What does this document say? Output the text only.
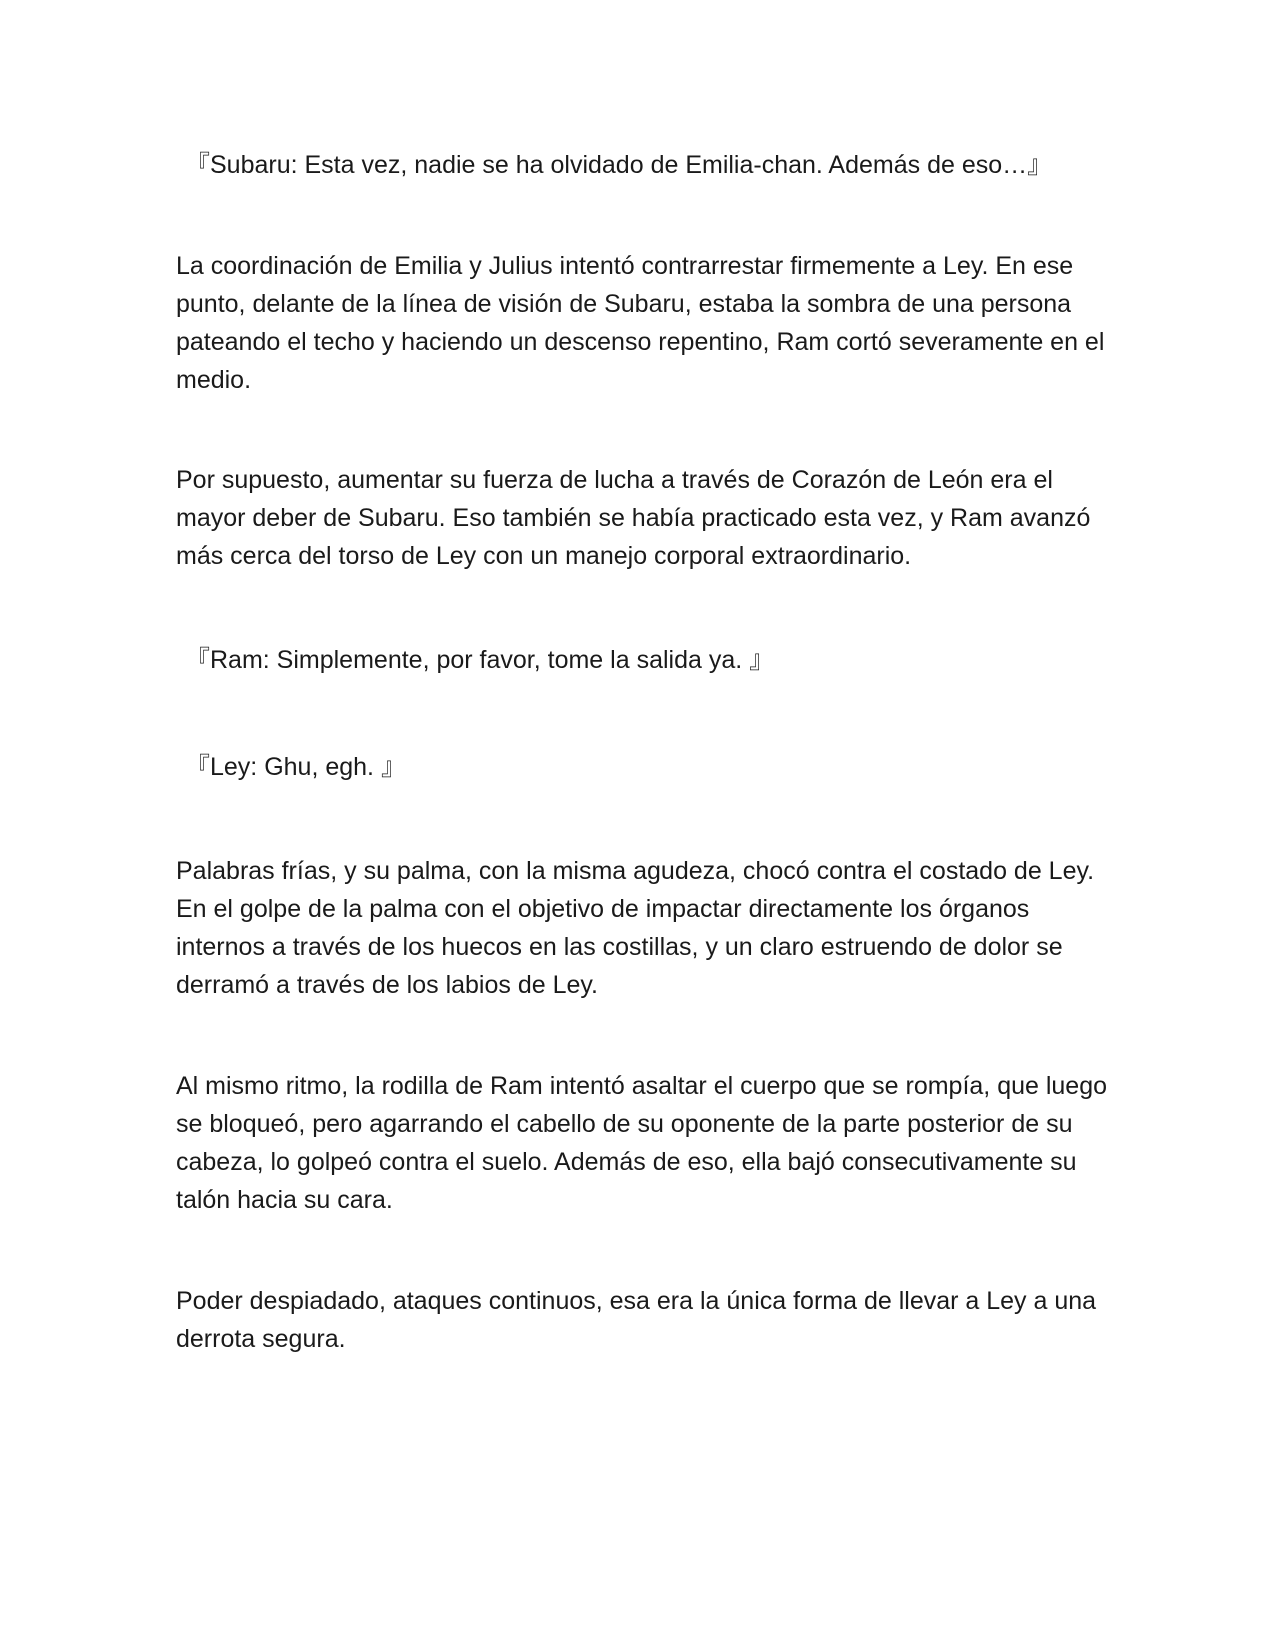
『Subaru: Esta vez, nadie se ha olvidado de Emilia-chan. Además de eso…』

La coordinación de Emilia y Julius intentó contrarrestar firmemente a Ley. En ese punto, delante de la línea de visión de Subaru, estaba la sombra de una persona pateando el techo y haciendo un descenso repentino, Ram cortó severamente en el medio.

Por supuesto, aumentar su fuerza de lucha a través de Corazón de León era el mayor deber de Subaru. Eso también se había practicado esta vez, y Ram avanzó más cerca del torso de Ley con un manejo corporal extraordinario.

『Ram: Simplemente, por favor, tome la salida ya. 』

『Ley: Ghu, egh. 』

Palabras frías, y su palma, con la misma agudeza, chocó contra el costado de Ley. En el golpe de la palma con el objetivo de impactar directamente los órganos internos a través de los huecos en las costillas, y un claro estruendo de dolor se derramó a través de los labios de Ley.

Al mismo ritmo, la rodilla de Ram intentó asaltar el cuerpo que se rompía, que luego se bloqueó, pero agarrando el cabello de su oponente de la parte posterior de su cabeza, lo golpeó contra el suelo. Además de eso, ella bajó consecutivamente su talón hacia su cara.

Poder despiadado, ataques continuos, esa era la única forma de llevar a Ley a una derrota segura.
